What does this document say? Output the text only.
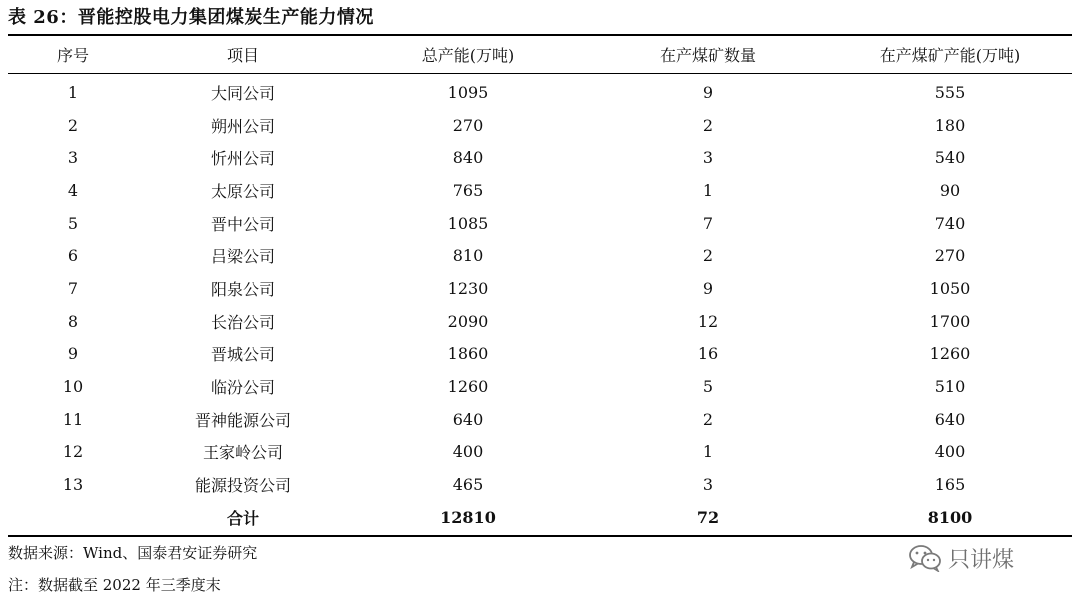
表 26：晋能控股电力集团煤炭生产能力情况
序号	项目	总产能(万吨)	在产煤矿数量	在产煤矿产能(万吨)
1	大同公司	1095	9	555
2	朔州公司	270	2	180
3	忻州公司	840	3	540
4	太原公司	765	1	90
5	晋中公司	1085	7	740
6	吕梁公司	810	2	270
7	阳泉公司	1230	9	1050
8	长治公司	2090	12	1700
9	晋城公司	1860	16	1260
10	临汾公司	1260	5	510
11	晋神能源公司	640	2	640
12	王家岭公司	400	1	400
13	能源投资公司	465	3	165
	合计	12810	72	8100
数据来源：Wind、国泰君安证券研究
注：数据截至 2022 年三季度末
只讲煤
